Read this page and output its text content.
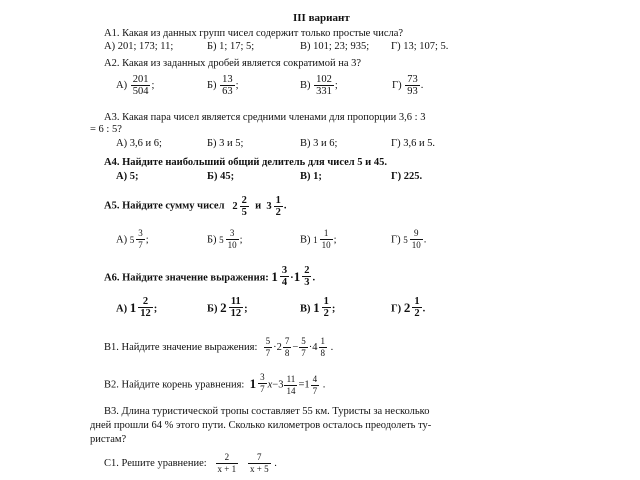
III вариант
А1. Какая из данных групп чисел содержит только простые числа?
А) 201; 173; 11;	Б) 1; 17; 5;	В) 101; 23; 935; Г) 13; 107; 5.
А2. Какая из заданных дробей является сократимой на 3?
$А) \frac{201}{504}$ ;	$Б) \frac{13}{63}$ ;	$В) \frac{102}{331}$ ;	$Г) \frac{73}{93}$ .
А3. Какая пара чисел является средними членами для пропорции 3,6 : 3
= 6 : 5?
А) 3,6 и 6;	Б) 3 и 5;	В) 3 и 6;	Г) 3,6 и 5.
А4. Найдите наибольший общий делитель для чисел 5 и 45.
А) 5;	Б) 45;	В) 1;	Г) 225.
А5. Найдите сумму чисел $2 \frac{2}{5}$ и $3 \frac{1}{2}$ .
А) $5 \frac{3}{7}$ ;	Б) $5 \frac{3}{10}$ ;	В) $1 \frac{1}{10}$ ;	Г) $5 \frac{9}{10}$ .
А6. Найдите значение выражения: $1 \frac{3}{4} \cdot 1 \frac{2}{3}$ .
А) $1 \frac{2}{12}$ ;	Б) $2 \frac{11}{12}$ ;	В) $1 \frac{1}{2}$ ;	Г) $2 \frac{1}{2}$ .
В1. Найдите значение выражения: $\frac{5}{7} \cdot 2 \frac{7}{8} - \frac{5}{7} \cdot 4 \frac{1}{8}$ .
В2. Найдите корень уравнения: $1 \frac{3}{7} x-3 \frac{11}{14} =1 \frac{4}{7}$ .
В3. Длина туристической тропы составляет 55 км. Туристы за несколько
дней прошли 64 % этого пути. Сколько километров осталось преодолеть ту-
ристам?
С1. Решите уравнение: $\frac{2}{x + 1}$
$\frac{7}{x + 5}$ .
